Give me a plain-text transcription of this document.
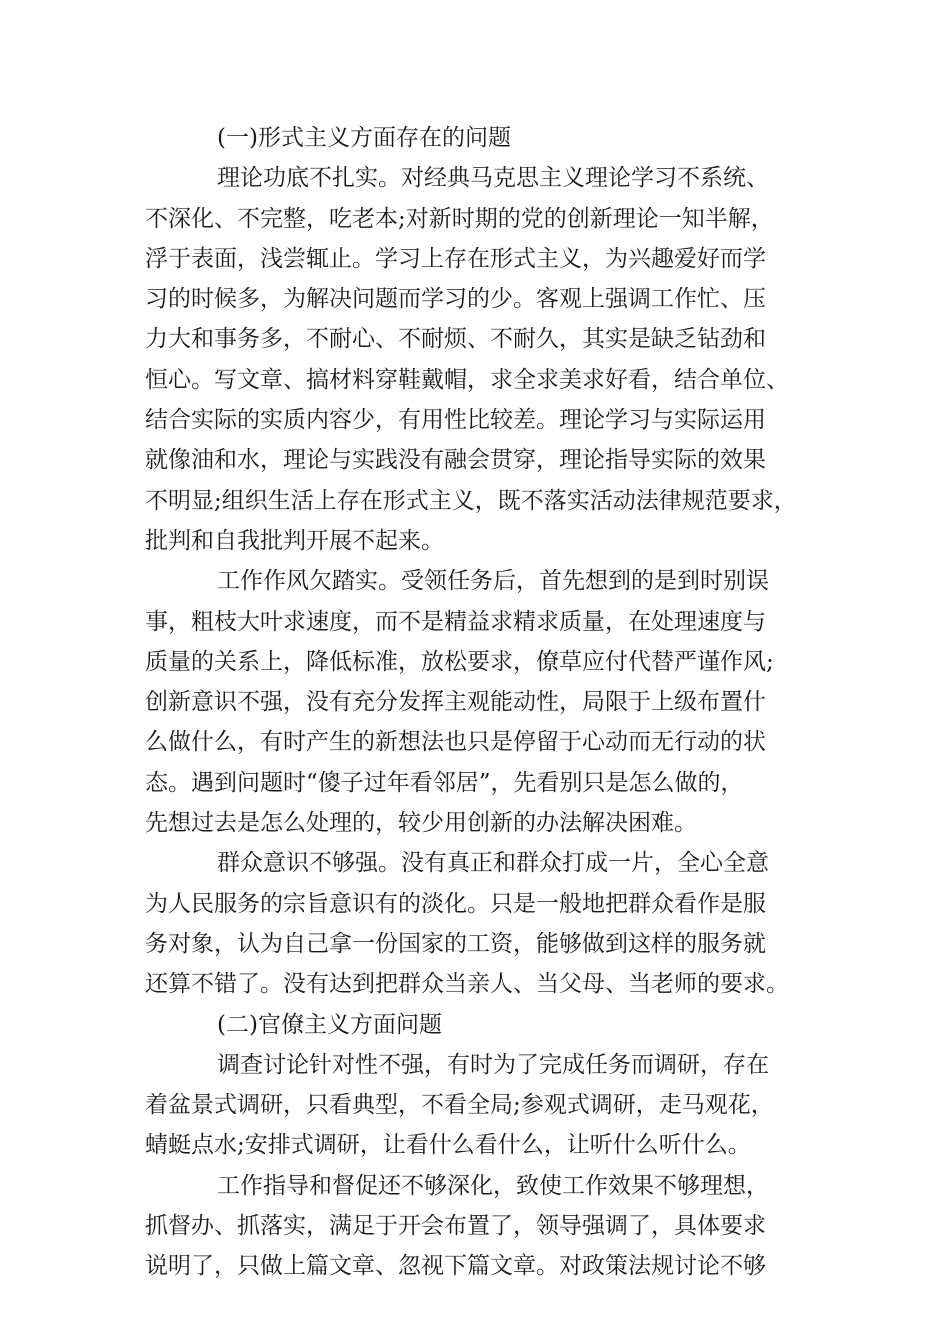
(一)形式主义方面存在的问题
理论功底不扎实。对经典马克思主义理论学习不系统、
不深化、不完整，吃老本;对新时期的党的创新理论一知半解，
浮于表面，浅尝辄止。学习上存在形式主义，为兴趣爱好而学
习的时候多，为解决问题而学习的少。客观上强调工作忙、压
力大和事务多，不耐心、不耐烦、不耐久，其实是缺乏钻劲和
恒心。写文章、搞材料穿鞋戴帽，求全求美求好看，结合单位、
结合实际的实质内容少，有用性比较差。理论学习与实际运用
就像油和水，理论与实践没有融会贯穿，理论指导实际的效果
不明显;组织生活上存在形式主义，既不落实活动法律规范要求，
批判和自我批判开展不起来。
工作作风欠踏实。受领任务后，首先想到的是到时别误
事，粗枝大叶求速度，而不是精益求精求质量，在处理速度与
质量的关系上，降低标准，放松要求，僚草应付代替严谨作风;
创新意识不强，没有充分发挥主观能动性，局限于上级布置什
么做什么，有时产生的新想法也只是停留于心动而无行动的状
态。遇到问题时“傻子过年看邻居”，先看别只是怎么做的，
先想过去是怎么处理的，较少用创新的办法解决困难。
群众意识不够强。没有真正和群众打成一片，全心全意
为人民服务的宗旨意识有的淡化。只是一般地把群众看作是服
务对象，认为自己拿一份国家的工资，能够做到这样的服务就
还算不错了。没有达到把群众当亲人、当父母、当老师的要求。
(二)官僚主义方面问题
调查讨论针对性不强，有时为了完成任务而调研，存在
着盆景式调研，只看典型，不看全局;参观式调研，走马观花，
蜻蜓点水;安排式调研，让看什么看什么，让听什么听什么。
工作指导和督促还不够深化，致使工作效果不够理想，
抓督办、抓落实，满足于开会布置了，领导强调了，具体要求
说明了，只做上篇文章、忽视下篇文章。对政策法规讨论不够
